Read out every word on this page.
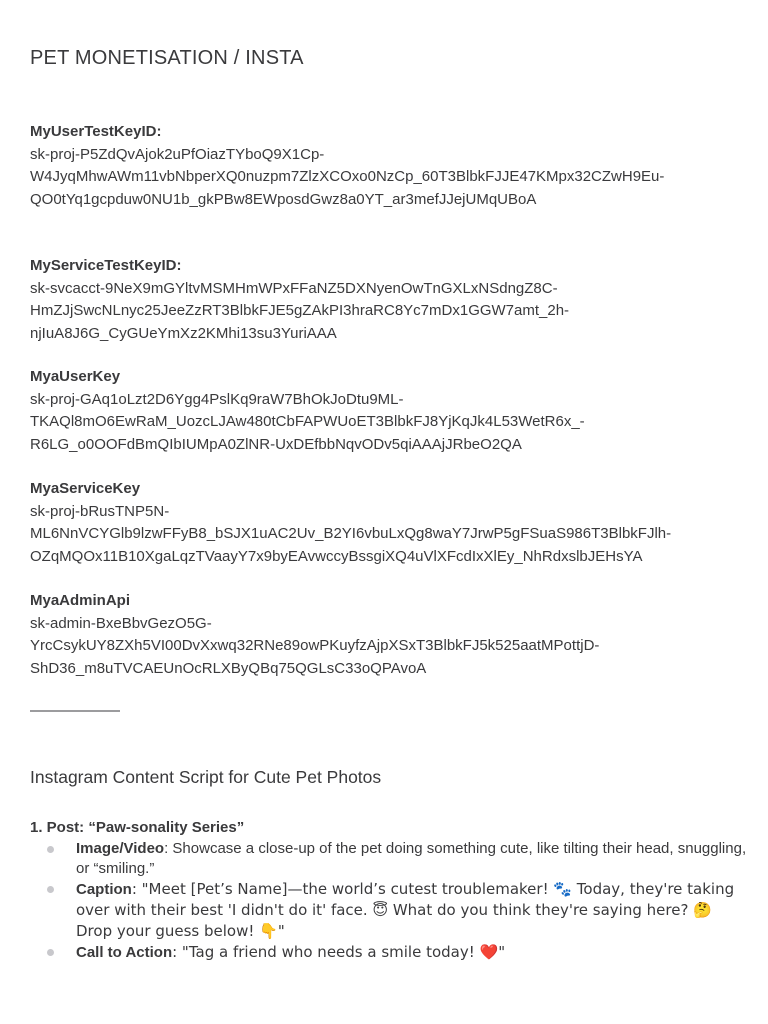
PET MONETISATION / INSTA
MyUserTestKeyID:
sk-proj-P5ZdQvAjok2uPfOiazTYboQ9X1Cp-
W4JyqMhwAWm11vbNbperXQ0nuzpm7ZlzXCOxo0NzCp_60T3BlbkFJJE47KMpx32CZwH9Eu-
QO0tYq1gcpduw0NU1b_gkPBw8EWposdGwz8a0YT_ar3mefJJejUMqUBoA
MyServiceTestKeyID:
sk-svcacct-9NeX9mGYltvMSMHmWPxFFaNZ5DXNyenOwTnGXLxNSdngZ8C-
HmZJjSwcNLnyc25JeeZzRT3BlbkFJE5gZAkPI3hraRC8Yc7mDx1GGW7amt_2h-
njIuA8J6G_CyGUeYmXz2KMhi13su3YuriAAA
MyaUserKey
sk-proj-GAq1oLzt2D6Ygg4PslKq9raW7BhOkJoDtu9ML-
TKAQl8mO6EwRaM_UozcLJAw480tCbFAPWUoET3BlbkFJ8YjKqJk4L53WetR6x_-
R6LG_o0OOFdBmQIbIUMpA0ZlNR-UxDEfbbNqvODv5qiAAAjJRbeO2QA
MyaServiceKey
sk-proj-bRusTNP5N-
ML6NnVCYGlb9lzwFFyB8_bSJX1uAC2Uv_B2YI6vbuLxQg8waY7JrwP5gFSuaS986T3BlbkFJlh-
OZqMQOx11B10XgaLqzTVaayY7x9byEAvwccyBssgiXQ4uVlXFcdIxXlEy_NhRdxslbJEHsYA
MyaAdminApi
sk-admin-BxeBbvGezO5G-
YrcCsykUY8ZXh5VI00DvXxwq32RNe89owPKuyfzAjpXSxT3BlbkFJ5k525aatMPottjD-
ShD36_m8uTVCAEUnOcRLXByQBq75QGLsC33oQPAvoA
——————
Instagram Content Script for Cute Pet Photos
1. Post: “Paw-sonality Series”
Image/Video: Showcase a close-up of the pet doing something cute, like tilting their head, snuggling, or “smiling.”
Caption: "Meet [Pet’s Name]—the world’s cutest troublemaker! 🐾 Today, they're taking over with their best 'I didn't do it' face. 😇 What do you think they're saying here? 🤔 Drop your guess below! 👇"
Call to Action: "Tag a friend who needs a smile today! ❤️"
